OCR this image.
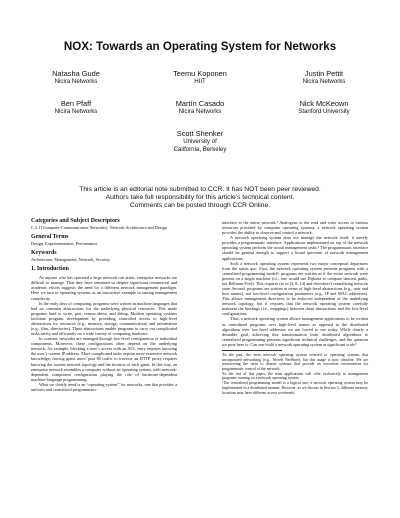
NOX: Towards an Operating System for Networks
Natasha Gude
Nicira Networks
Teemu Koponen
HIIT
Justin Pettit
Nicira Networks
Ben Pfaff
Nicira Networks
Martín Casado
Nicira Networks
Nick McKeown
Stanford University
Scott Shenker
University of California, Berkeley
This article is an editorial note submitted to CCR. It has NOT been peer reviewed.
Authors take full responsibility for this article’s technical content.
Comments can be posted through CCR Online.
Categories and Subject Descriptors

C.2.1 [Computer-Communication Networks]: Network Architecture and Design

General Terms

Design, Experimentation, Performance

Keywords

Architecture, Management, Network, Security

1. Introduction

As anyone who has operated a large network can attest, enterprise networks are difficult to manage. That they have remained so despite significant commercial and academic efforts suggests the need for a different network management paradigm. Here we turn to operating systems as an instructive example in taming management complexity.

In the early days of computing, programs were written in machine languages that had no common abstractions for the underlying physical resources. This made programs hard to write, port, reason about, and debug. Modern operating systems facilitate program development by providing controlled access to high-level abstractions for resources (e.g., memory, storage, communication) and information (e.g., files, directories). These abstractions enable programs to carry out complicated tasks safely and efficiently on a wide variety of computing hardware.

In contrast, networks are managed through low-level configuration of individual components. Moreover, these configurations often depend on the underlying network; for example, blocking a user’s access with an ACL entry requires knowing the user’s current IP address. More complicated tasks require more extensive network knowledge; forcing guest users’ port 80 traffic to traverse an HTTP proxy requires knowing the current network topology and the location of each guest. In this way, an enterprise network resembles a computer without an operating system, with network-dependent component configuration playing the role of hardware-dependent machine-language programming.

What we clearly need is an “operating system” for networks, one that provides a uniform and centralized programmatic

interface to the entire network.¹ Analogous to the read and write access to various resources provided by computer operating systems, a network operating system provides the ability to observe and control a network.

A network operating system does not manage the network itself; it merely provides a programmatic interface. Applications implemented on top of the network operating system perform the actual management tasks.² The programmatic interface should be general enough to support a broad spectrum of network management applications.

Such a network operating system represents two major conceptual departures from the status quo. First, the network operating system presents programs with a centralized programming model³; programs are written as if the entire network were present on a single machine (i.e., one would use Dijkstra to compute shortest paths, not Bellman-Ford). This requires (as in [3, 8, 14] and elsewhere) centralizing network state. Second, programs are written in terms of high-level abstractions (e.g., user and host names), not low-level configuration parameters (e.g., IP and MAC addresses). This allows management directives to be enforced independent of the underlying network topology, but it requires that the network operating system carefully maintain the bindings (i.e., mappings) between these abstractions and the low-level configurations.

Thus, a network operating system allows management applications to be written as centralized programs over high-level names as opposed to the distributed algorithms over low-level addresses we are forced to use today. While clearly a desirable goal, achieving this transformation from distributed algorithms to centralized programming presents significant technical challenges, and the question we pose here is: Can one build a network operating system at significant scale?

¹In the past, the term network operating system referred to operating systems that incorporated networking (e.g., Novell NetWare), but this usage is now obsolete. We are resurrecting the term to denote systems that provide an execution environment for programmatic control of the network.

²In the rest of this paper, the term applications will refer exclusively to management programs running on a network operating system.

³The centralized programming model is a logical one; a network operating system may be implemented in a distributed manner. However, as we discuss in Section 3, different memory locations may have different access overheads.
